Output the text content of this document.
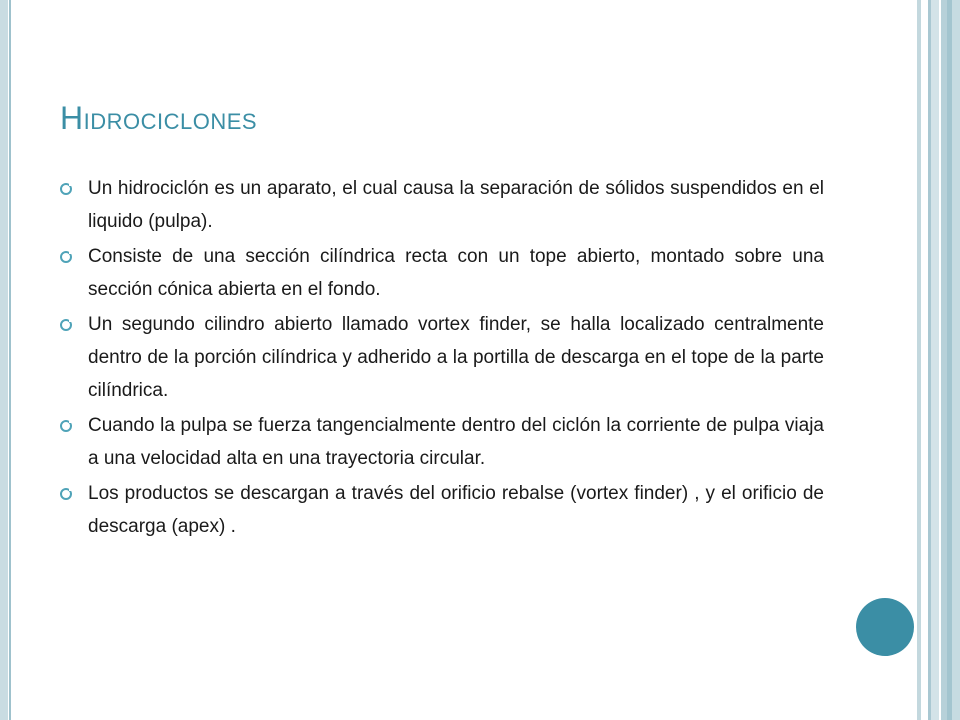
Hidrociclones
Un hidrociclón es un aparato, el cual causa la separación de sólidos suspendidos en el liquido (pulpa).
Consiste de una sección cilíndrica recta con un tope abierto, montado sobre una sección cónica abierta en el fondo.
Un segundo cilindro abierto llamado vortex finder, se halla localizado centralmente dentro de la porción cilíndrica y adherido a la portilla de descarga en el tope de la parte cilíndrica.
Cuando la pulpa se fuerza tangencialmente dentro del ciclón la corriente de pulpa viaja a una velocidad alta en una trayectoria circular.
Los productos se descargan a través del orificio rebalse (vortex finder) , y el orificio de descarga (apex) .
